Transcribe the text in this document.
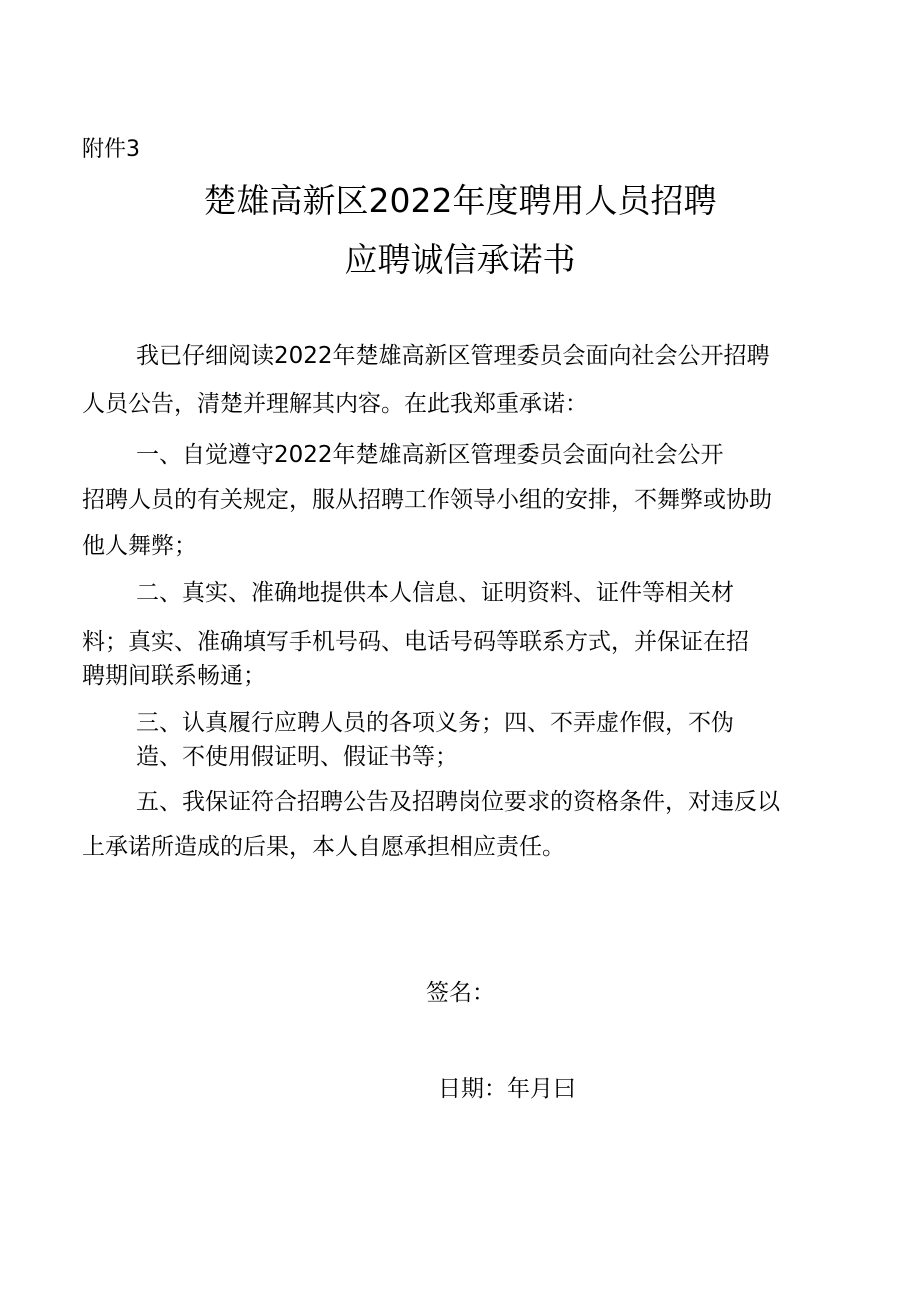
附件3
楚雄高新区2022年度聘用人员招聘
应聘诚信承诺书
我已仔细阅读2022年楚雄高新区管理委员会面向社会公开招聘
人员公告，清楚并理解其内容。在此我郑重承诺：
一、自觉遵守2022年楚雄高新区管理委员会面向社会公开
招聘人员的有关规定，服从招聘工作领导小组的安排，不舞弊或协助
他人舞弊；
二、真实、准确地提供本人信息、证明资料、证件等相关材
料；真实、准确填写手机号码、电话号码等联系方式，并保证在招
聘期间联系畅通；
三、认真履行应聘人员的各项义务；四、不弄虚作假，不伪
造、不使用假证明、假证书等；
五、我保证符合招聘公告及招聘岗位要求的资格条件，对违反以
上承诺所造成的后果，本人自愿承担相应责任。
签名：
日期：年月曰
